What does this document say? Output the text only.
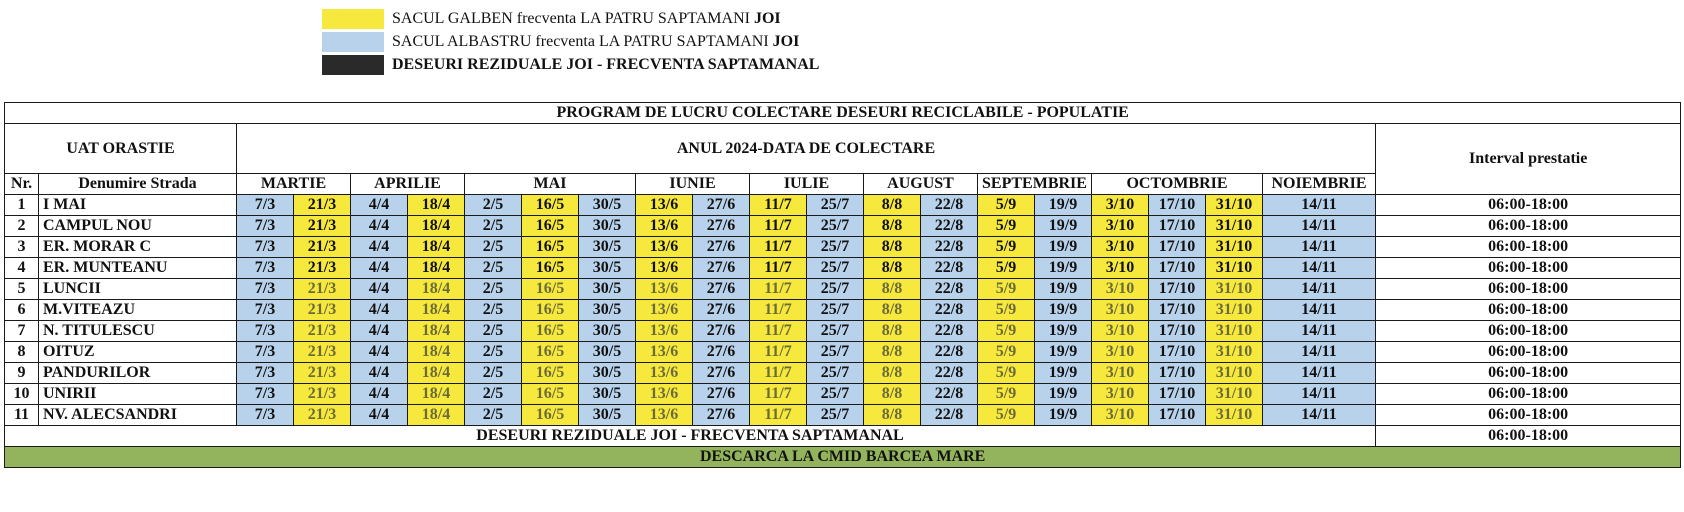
SACUL GALBEN frecventa LA PATRU SAPTAMANI JOI
SACUL ALBASTRU frecventa LA PATRU SAPTAMANI JOI
DESEURI REZIDUALE JOI - FRECVENTA SAPTAMANAL
PROGRAM DE LUCRU COLECTARE DESEURI RECICLABILE - POPULATIE																					
UAT ORASTIE		ANUL 2024-DATA DE COLECTARE																			Interval prestatie
Nr.	Denumire Strada	MARTIE		APRILIE		MAI			IUNIE		IULIE		AUGUST		SEPTEMBRIE		OCTOMBRIE			NOIEMBRIE	
1	I MAI	7/3	21/3	4/4	18/4	2/5	16/5	30/5	13/6	27/6	11/7	25/7	8/8	22/8	5/9	19/9	3/10	17/10	31/10	14/11	06:00-18:00
2	CAMPUL NOU	7/3	21/3	4/4	18/4	2/5	16/5	30/5	13/6	27/6	11/7	25/7	8/8	22/8	5/9	19/9	3/10	17/10	31/10	14/11	06:00-18:00
3	ER. MORAR C	7/3	21/3	4/4	18/4	2/5	16/5	30/5	13/6	27/6	11/7	25/7	8/8	22/8	5/9	19/9	3/10	17/10	31/10	14/11	06:00-18:00
4	ER. MUNTEANU	7/3	21/3	4/4	18/4	2/5	16/5	30/5	13/6	27/6	11/7	25/7	8/8	22/8	5/9	19/9	3/10	17/10	31/10	14/11	06:00-18:00
5	LUNCII	7/3	21/3	4/4	18/4	2/5	16/5	30/5	13/6	27/6	11/7	25/7	8/8	22/8	5/9	19/9	3/10	17/10	31/10	14/11	06:00-18:00
6	M.VITEAZU	7/3	21/3	4/4	18/4	2/5	16/5	30/5	13/6	27/6	11/7	25/7	8/8	22/8	5/9	19/9	3/10	17/10	31/10	14/11	06:00-18:00
7	N. TITULESCU	7/3	21/3	4/4	18/4	2/5	16/5	30/5	13/6	27/6	11/7	25/7	8/8	22/8	5/9	19/9	3/10	17/10	31/10	14/11	06:00-18:00
8	OITUZ	7/3	21/3	4/4	18/4	2/5	16/5	30/5	13/6	27/6	11/7	25/7	8/8	22/8	5/9	19/9	3/10	17/10	31/10	14/11	06:00-18:00
9	PANDURILOR	7/3	21/3	4/4	18/4	2/5	16/5	30/5	13/6	27/6	11/7	25/7	8/8	22/8	5/9	19/9	3/10	17/10	31/10	14/11	06:00-18:00
10	UNIRII	7/3	21/3	4/4	18/4	2/5	16/5	30/5	13/6	27/6	11/7	25/7	8/8	22/8	5/9	19/9	3/10	17/10	31/10	14/11	06:00-18:00
11	NV. ALECSANDRI	7/3	21/3	4/4	18/4	2/5	16/5	30/5	13/6	27/6	11/7	25/7	8/8	22/8	5/9	19/9	3/10	17/10	31/10	14/11	06:00-18:00
DESEURI REZIDUALE JOI - FRECVENTA SAPTAMANAL																					06:00-18:00
DESCARCA LA CMID BARCEA MARE																					
